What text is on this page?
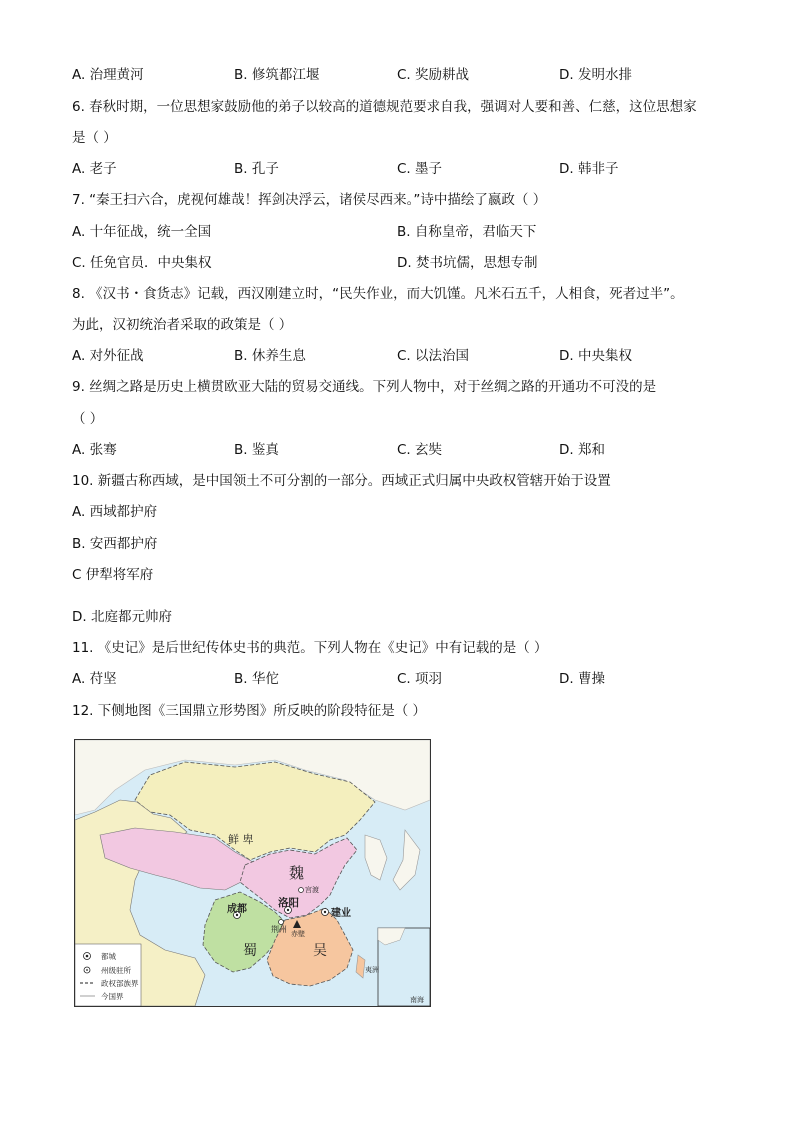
A. 治理黄河	B. 修筑都江堰	C. 奖励耕战	D. 发明水排
6. 春秋时期，一位思想家鼓励他的弟子以较高的道德规范要求自我，强调对人要和善、仁慈，这位思想家
是（ ）
A. 老子	B. 孔子	C. 墨子	D. 韩非子
7. “秦王扫六合，虎视何雄哉！挥剑决浮云，诸侯尽西来。”诗中描绘了嬴政（ ）
A. 十年征战，统一全国	B. 自称皇帝，君临天下
C. 任免官员．中央集权	D. 焚书坑儒，思想专制
8. 《汉书・食货志》记载，西汉刚建立时，“民失作业，而大饥馑。凡米石五千，人相食，死者过半”。
为此，汉初统治者采取的政策是（ ）
A. 对外征战	B. 休养生息	C. 以法治国	D. 中央集权
9. 丝绸之路是历史上横贯欧亚大陆的贸易交通线。下列人物中，对于丝绸之路的开通功不可没的是
（ ）
A. 张骞	B. 鉴真	C. 玄奘	D. 郑和
10. 新疆古称西域，是中国领土不可分割的一部分。西域正式归属中央政权管辖开始于设置
A. 西域都护府
B. 安西都护府
C 伊犁将军府
D. 北庭都元帅府
11. 《史记》是后世纪传体史书的典范。下列人物在《史记》中有记载的是（ ）
A. 苻坚	B. 华佗	C. 项羽	D. 曹操
12. 下侧地图《三国鼎立形势图》所反映的阶段特征是（ ）
鲜 卑
魏
蜀	吴
洛阳
成都	建业
宫渡
荆州 赤壁
夷洲
南海
都城
州级驻所
政权部族界
今国界
